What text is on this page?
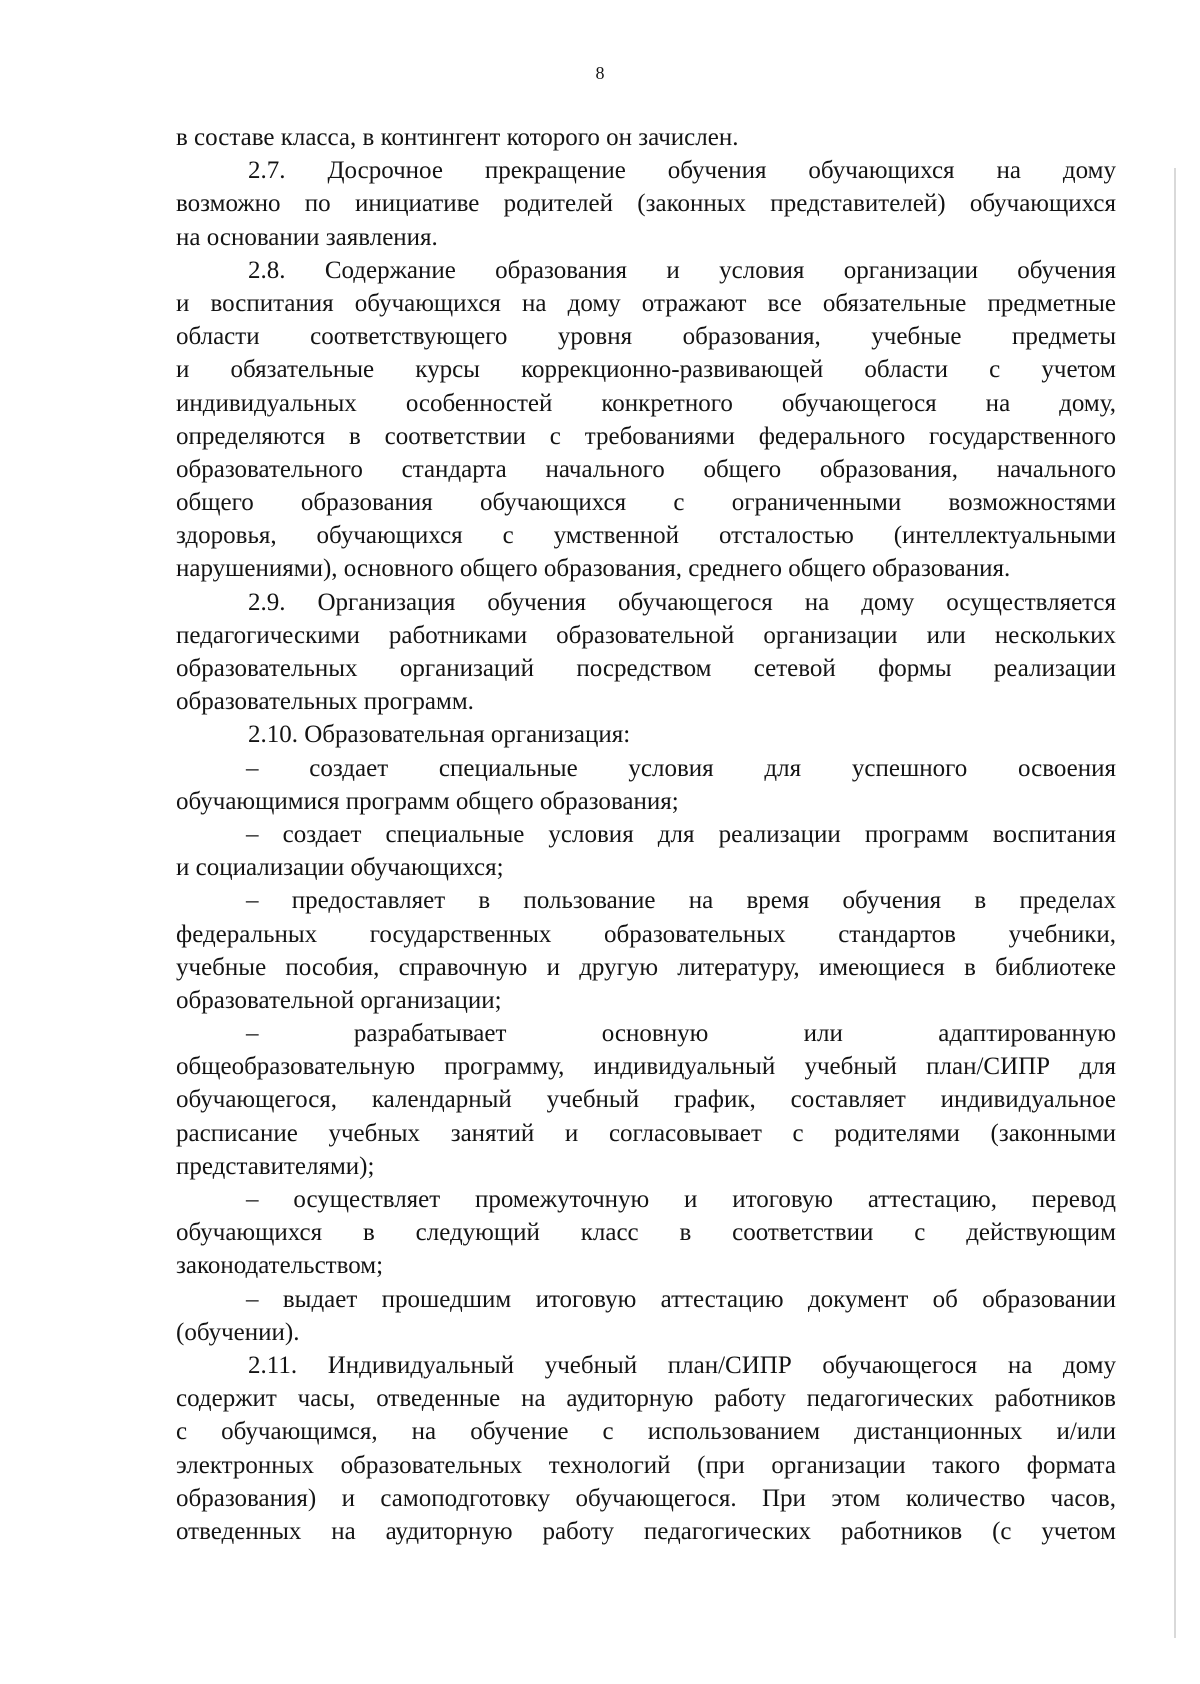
8
в составе класса, в контингент которого он зачислен.
2.7. Досрочное прекращение обучения обучающихся на дому
возможно по инициативе родителей (законных представителей) обучающихся
на основании заявления.
2.8. Содержание образования и условия организации обучения
и воспитания обучающихся на дому отражают все обязательные предметные
области соответствующего уровня образования, учебные предметы
и обязательные курсы коррекционно-развивающей области с учетом
индивидуальных особенностей конкретного обучающегося на дому,
определяются в соответствии с требованиями федерального государственного
образовательного стандарта начального общего образования, начального
общего образования обучающихся с ограниченными возможностями
здоровья, обучающихся с умственной отсталостью (интеллектуальными
нарушениями), основного общего образования, среднего общего образования.
2.9. Организация обучения обучающегося на дому осуществляется
педагогическими работниками образовательной организации или нескольких
образовательных организаций посредством сетевой формы реализации
образовательных программ.
2.10. Образовательная организация:
– создает специальные условия для успешного освоения
обучающимися программ общего образования;
– создает специальные условия для реализации программ воспитания
и социализации обучающихся;
– предоставляет в пользование на время обучения в пределах
федеральных государственных образовательных стандартов учебники,
учебные пособия, справочную и другую литературу, имеющиеся в библиотеке
образовательной организации;
– разрабатывает основную или адаптированную
общеобразовательную программу, индивидуальный учебный план/СИПР для
обучающегося, календарный учебный график, составляет индивидуальное
расписание учебных занятий и согласовывает с родителями (законными
представителями);
– осуществляет промежуточную и итоговую аттестацию, перевод
обучающихся в следующий класс в соответствии с действующим
законодательством;
– выдает прошедшим итоговую аттестацию документ об образовании
(обучении).
2.11. Индивидуальный учебный план/СИПР обучающегося на дому
содержит часы, отведенные на аудиторную работу педагогических работников
с обучающимся, на обучение с использованием дистанционных и/или
электронных образовательных технологий (при организации такого формата
образования) и самоподготовку обучающегося. При этом количество часов,
отведенных на аудиторную работу педагогических работников (с учетом
